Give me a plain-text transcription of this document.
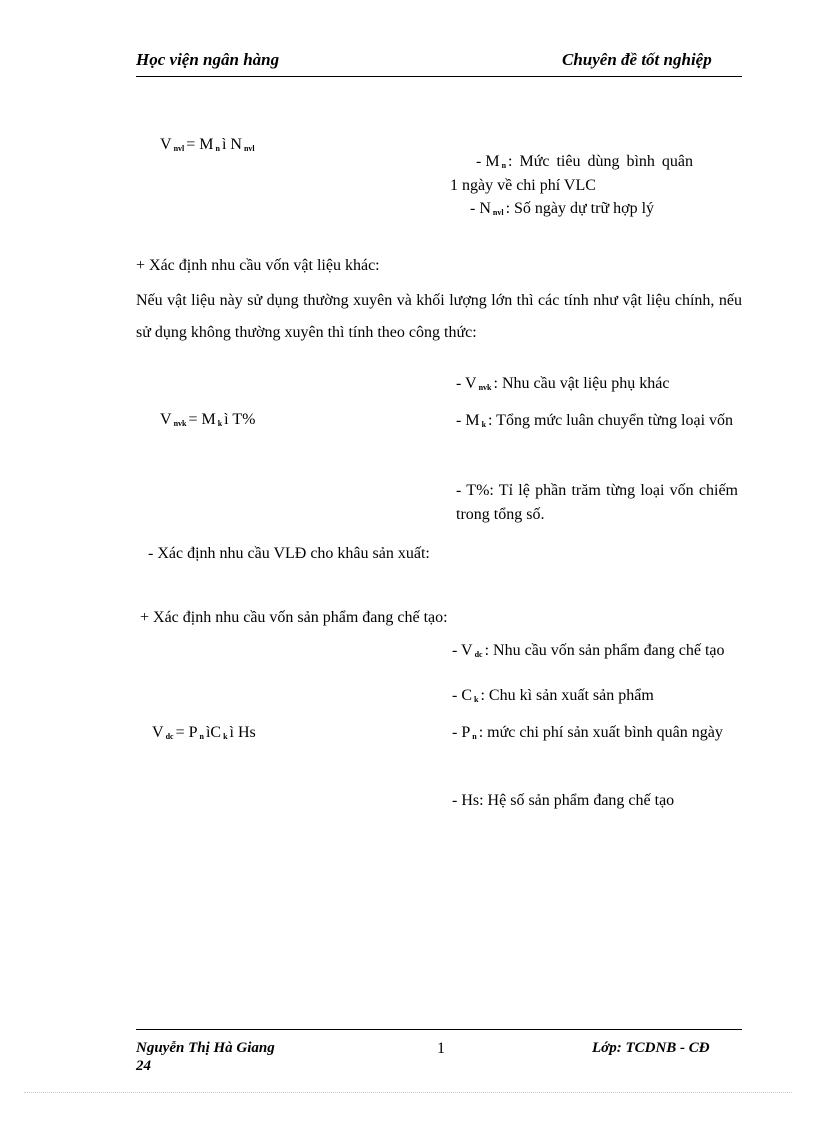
Học viện ngân hàng	Chuyên đề tốt nghiệp
V $_{nvl}$ = M $_n$ ì N $_{nvl}$
- M $_n$ : Mức tiêu dùng bình quân
1 ngày về chi phí VLC
- N $_{nvl}$ : Số ngày dự trữ hợp lý
+ Xác định nhu cầu vốn vật liệu khác:
Nếu vật liệu này sử dụng thường xuyên và khối lượng lớn thì các tính như vật liệu chính, nếu sử dụng không thường xuyên thì tính theo công thức:
- V $_{nvk}$ : Nhu cầu vật liệu phụ khác
V $_{nvk}$ = M $_k$ ì T%	- M $_k$ : Tổng mức luân chuyển từng loại vốn
- T%: Tỉ lệ phần trăm từng loại vốn chiếm trong tổng số.
- Xác định nhu cầu VLĐ cho khâu sản xuất:
+ Xác định nhu cầu vốn sản phẩm đang chế tạo:
- V $_{dc}$ : Nhu cầu vốn sản phẩm đang chế tạo
- C $_k$ : Chu kì sản xuất sản phẩm
V $_{dc}$ = P $_n$ ìC $_k$ ì Hs	- P $_n$ : mức chi phí sản xuất bình quân ngày
- Hs: Hệ số sản phẩm đang chế tạo
Nguyễn Thị Hà Giang
24
1	Lớp: TCDNB - CĐ
